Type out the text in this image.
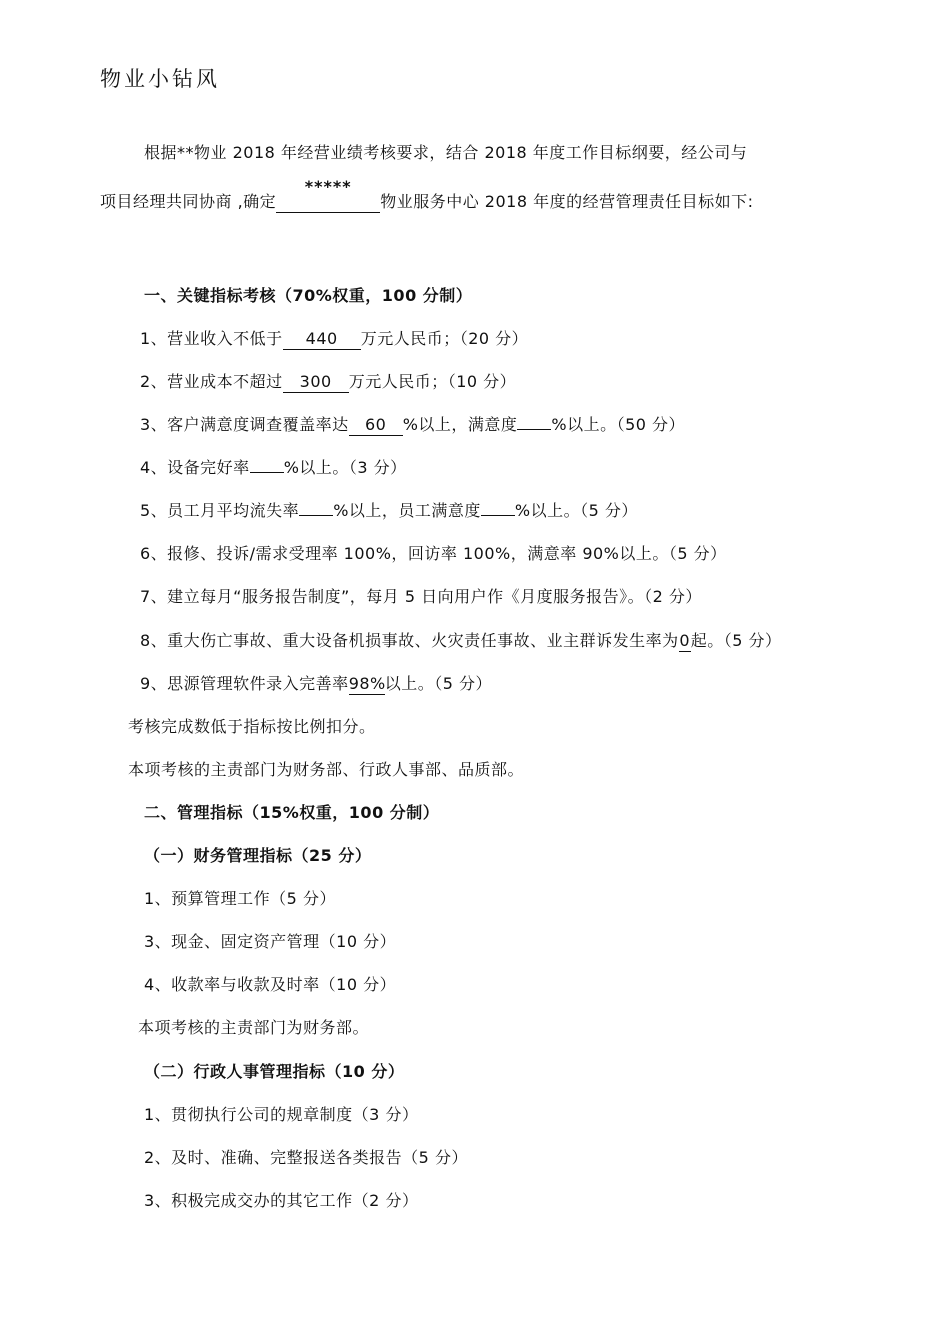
物业小钻风
根据**物业 2018 年经营业绩考核要求，结合 2018 年度工作目标纲要，经公司与
项目经理共同协商 ,确定
*****
物业服务中心 2018 年度的经营管理责任目标如下:
一、关键指标考核（70%权重，100 分制）
1、营业收入不低于 440 万元人民币；（20 分）
2、营业成本不超过 300 万元人民币；（10 分）
3、客户满意度调查覆盖率达 60 %以上，满意度 %以上。（50 分）
4、设备完好率 %以上。（3 分）
5、员工月平均流失率 %以上，员工满意度 %以上。（5 分）
6、报修、投诉/需求受理率 100%，回访率 100%，满意率 90%以上。（5 分）
7、建立每月“服务报告制度”，每月 5 日向用户作《月度服务报告》。（2 分）
8、重大伤亡事故、重大设备机损事故、火灾责任事故、业主群诉发生率为0起。（5 分）
9、思源管理软件录入完善率98%以上。（5 分）
考核完成数低于指标按比例扣分。
本项考核的主责部门为财务部、行政人事部、品质部。
二、管理指标（15%权重，100 分制）
（一）财务管理指标（25 分）
1、预算管理工作（5 分）
3、现金、固定资产管理（10 分）
4、收款率与收款及时率（10 分）
本项考核的主责部门为财务部。
（二）行政人事管理指标（10 分）
1、贯彻执行公司的规章制度（3 分）
2、及时、准确、完整报送各类报告（5 分）
3、积极完成交办的其它工作（2 分）
